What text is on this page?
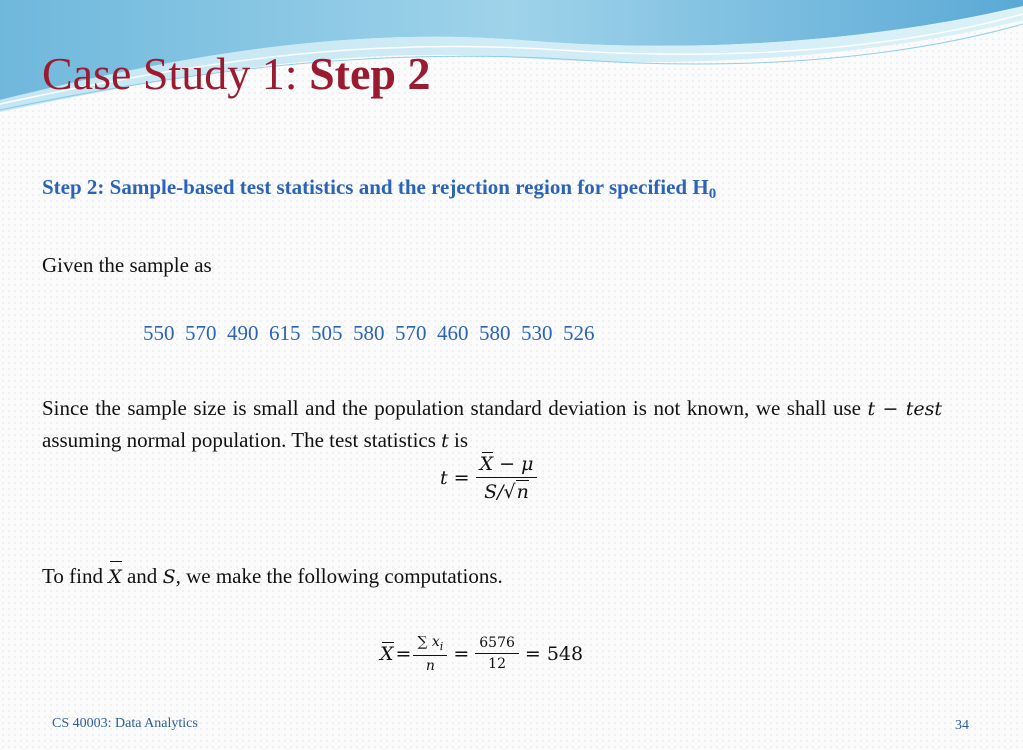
Case Study 1: Step 2
Step 2: Sample-based test statistics and the rejection region for specified $H_0$
Given the sample as
550  570  490  615  505  580  570  460  580  530  526
Since the sample size is small and the population standard deviation is not known, we shall use t − test assuming normal population. The test statistics t is
$t = \frac{X - \mu}{S/√n}$
To find X and S, we make the following computations.
$X = \frac{\sum x_i}{n} = \frac{6576}{12} = 548$
CS 40003: Data Analytics	34
